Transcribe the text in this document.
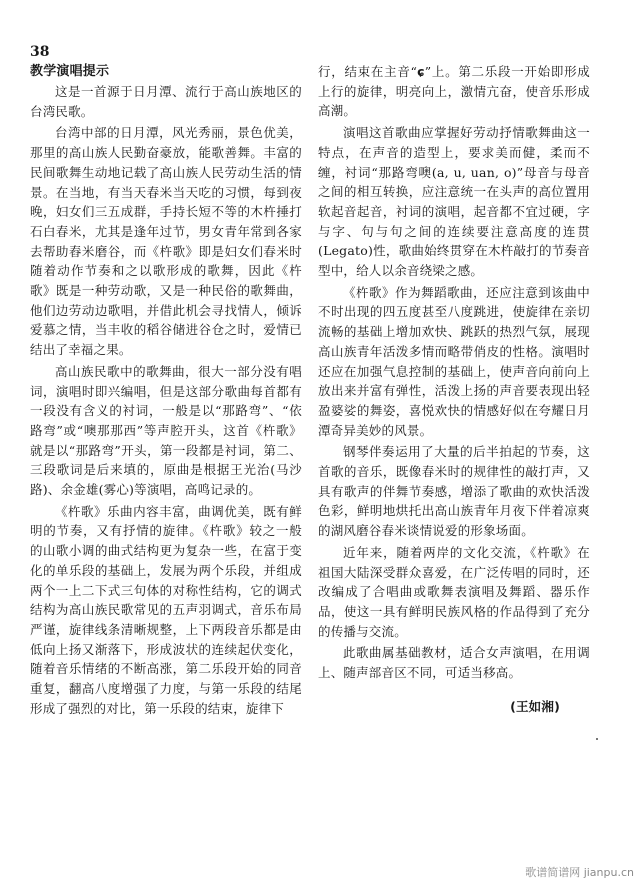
38
教学演唱提示

这是一首源于日月潭、流行于高山族地区的台湾民歌。

台湾中部的日月潭，风光秀丽，景色优美，那里的高山族人民勤奋豪放，能歌善舞。丰富的民间歌舞生动地记载了高山族人民劳动生活的情景。在当地，有当天春米当天吃的习惯，每到夜晚，妇女们三五成群，手持长短不等的木杵捶打石白春米，尤其是逢年过节，男女青年常到各家去帮助舂米磨谷，而《杵歌》即是妇女们春米时随着动作节奏和之以歌形成的歌舞，因此《杵歌》既是一种劳动歌，又是一种民俗的歌舞曲，他们边劳动边歌唱，并借此机会寻找情人，倾诉爱慕之情，当丰收的稻谷储进谷仓之时，爱情已结出了幸福之果。

高山族民歌中的歌舞曲，很大一部分没有唱词，演唱时即兴编唱，但是这部分歌曲每首都有一段没有含义的衬词，一般是以“那路弯”、“依路弯”或“噢那那西”等声腔开头，这首《杵歌》就是以“那路弯”开头，第一段都是衬词，第二、三段歌词是后来填的，原曲是根据王光治(马沙路)、余金雄(雾心)等演唱，高鸣记录的。

《杵歌》乐曲内容丰富，曲调优美，既有鲜明的节奏，又有抒情的旋律。《杵歌》较之一般的山歌小调的曲式结构更为复杂一些，在富于变化的单乐段的基础上，发展为两个乐段，并组成两个一上二下式三句体的对称性结构，它的调式结构为高山族民歌常见的五声羽调式，音乐布局严谨，旋律线条清晰规整，上下两段音乐都是由低向上扬又渐落下，形成波状的连续起伏变化，随着音乐情绪的不断高涨，第二乐段开始的同音重复，翻高八度增强了力度，与第一乐段的结尾形成了强烈的对比，第一乐段的结束，旋律下

行，结束在主音“ɕ”上。第二乐段一开始即形成上行的旋律，明亮向上，激情亢奋，使音乐形成高潮。

演唱这首歌曲应掌握好劳动抒情歌舞曲这一特点，在声音的造型上，要求美而健，柔而不缠，衬词“那路弯噢(a, u, uan, o)”母音与母音之间的相互转换，应注意统一在头声的高位置用软起音起音，衬词的演唱，起音都不宜过硬，字与字、句与句之间的连续要注意高度的连贯(Legato)性，歌曲始终贯穿在木杵敲打的节奏音型中，给人以余音绕梁之感。

《杵歌》作为舞蹈歌曲，还应注意到该曲中不时出现的四五度甚至八度跳进，使旋律在亲切流畅的基础上增加欢快、跳跃的热烈气氛，展现高山族青年活泼多情而略带俏皮的性格。演唱时还应在加强气息控制的基础上，使声音向前向上放出来并富有弹性，活泼上扬的声音要表现出轻盈婆娑的舞姿，喜悦欢快的情感好似在夸耀日月潭奇异美妙的风景。

钢琴伴奏运用了大量的后半拍起的节奏，这首歌的音乐，既像春米时的规律性的敲打声，又具有歌声的伴舞节奏感，增添了歌曲的欢快活泼色彩，鲜明地烘托出高山族青年月夜下伴着凉爽的湖风磨谷春米谈情说爱的形象场面。

近年来，随着两岸的文化交流，《杵歌》在祖国大陆深受群众喜爱，在广泛传唱的同时，还改编成了合唱曲或歌舞表演唱及舞蹈、器乐作品，使这一具有鲜明民族风格的作品得到了充分的传播与交流。

此歌曲属基础教材，适合女声演唱，在用调上、随声部音区不同，可适当移高。

(王如湘)
歌谱简谱网 jianpu.cn
